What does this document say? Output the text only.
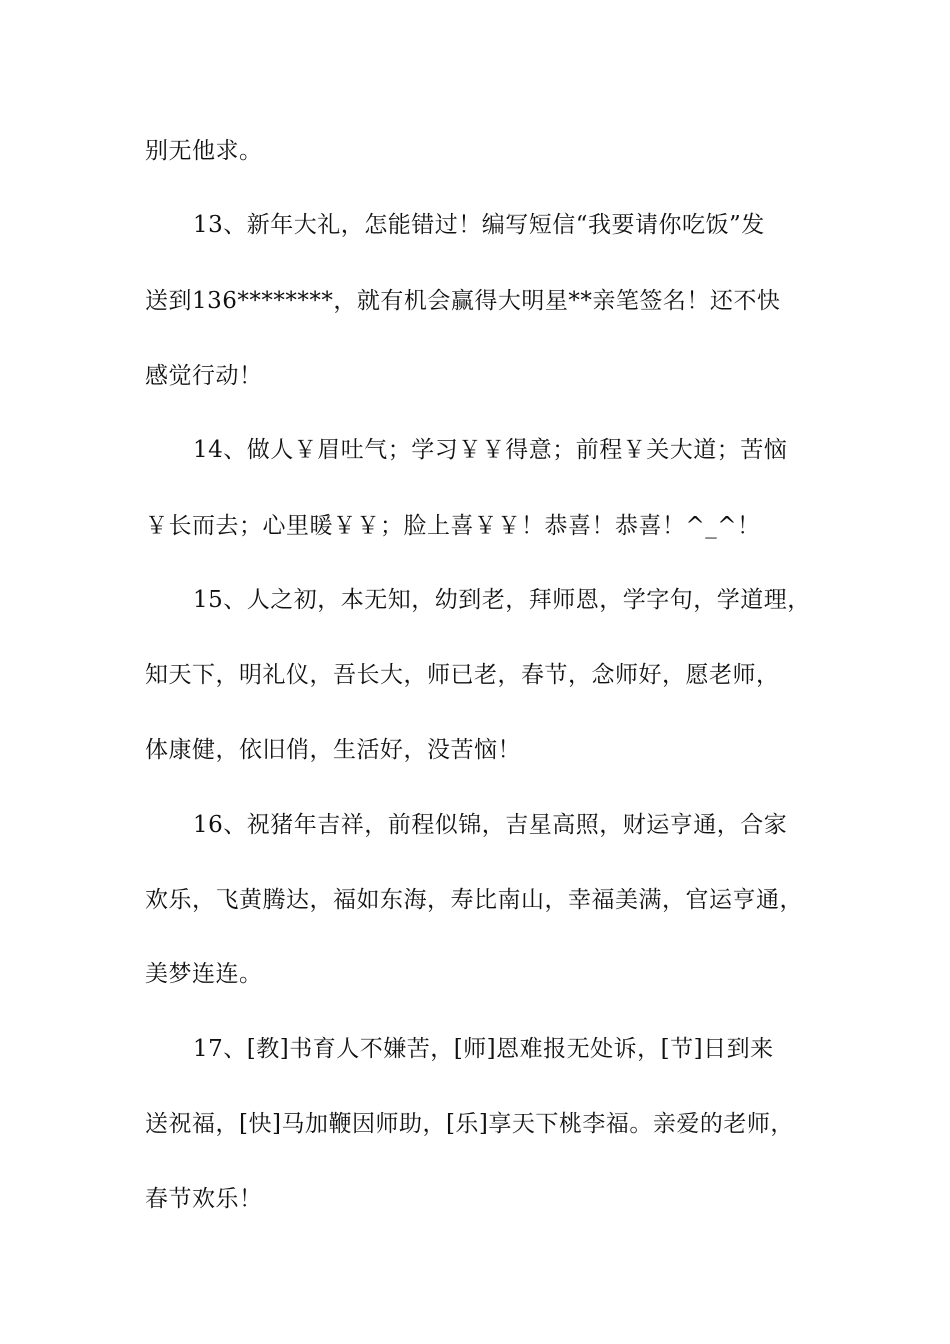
别无他求。
13、新年大礼，怎能错过！编写短信“我要请你吃饭”发
送到136********，就有机会赢得大明星**亲笔签名！还不快
感觉行动！
14、做人￥眉吐气；学习￥￥得意；前程￥关大道；苦恼
￥长而去；心里暖￥￥；脸上喜￥￥！恭喜！恭喜！^_^！
15、人之初，本无知，幼到老，拜师恩，学字句，学道理，
知天下，明礼仪，吾长大，师已老，春节，念师好，愿老师，
体康健，依旧俏，生活好，没苦恼！
16、祝猪年吉祥，前程似锦，吉星高照，财运亨通，合家
欢乐，飞黄腾达，福如东海，寿比南山，幸福美满，官运亨通，
美梦连连。
17、[教]书育人不嫌苦，[师]恩难报无处诉，[节]日到来
送祝福，[快]马加鞭因师助，[乐]享天下桃李福。亲爱的老师，
春节欢乐！
